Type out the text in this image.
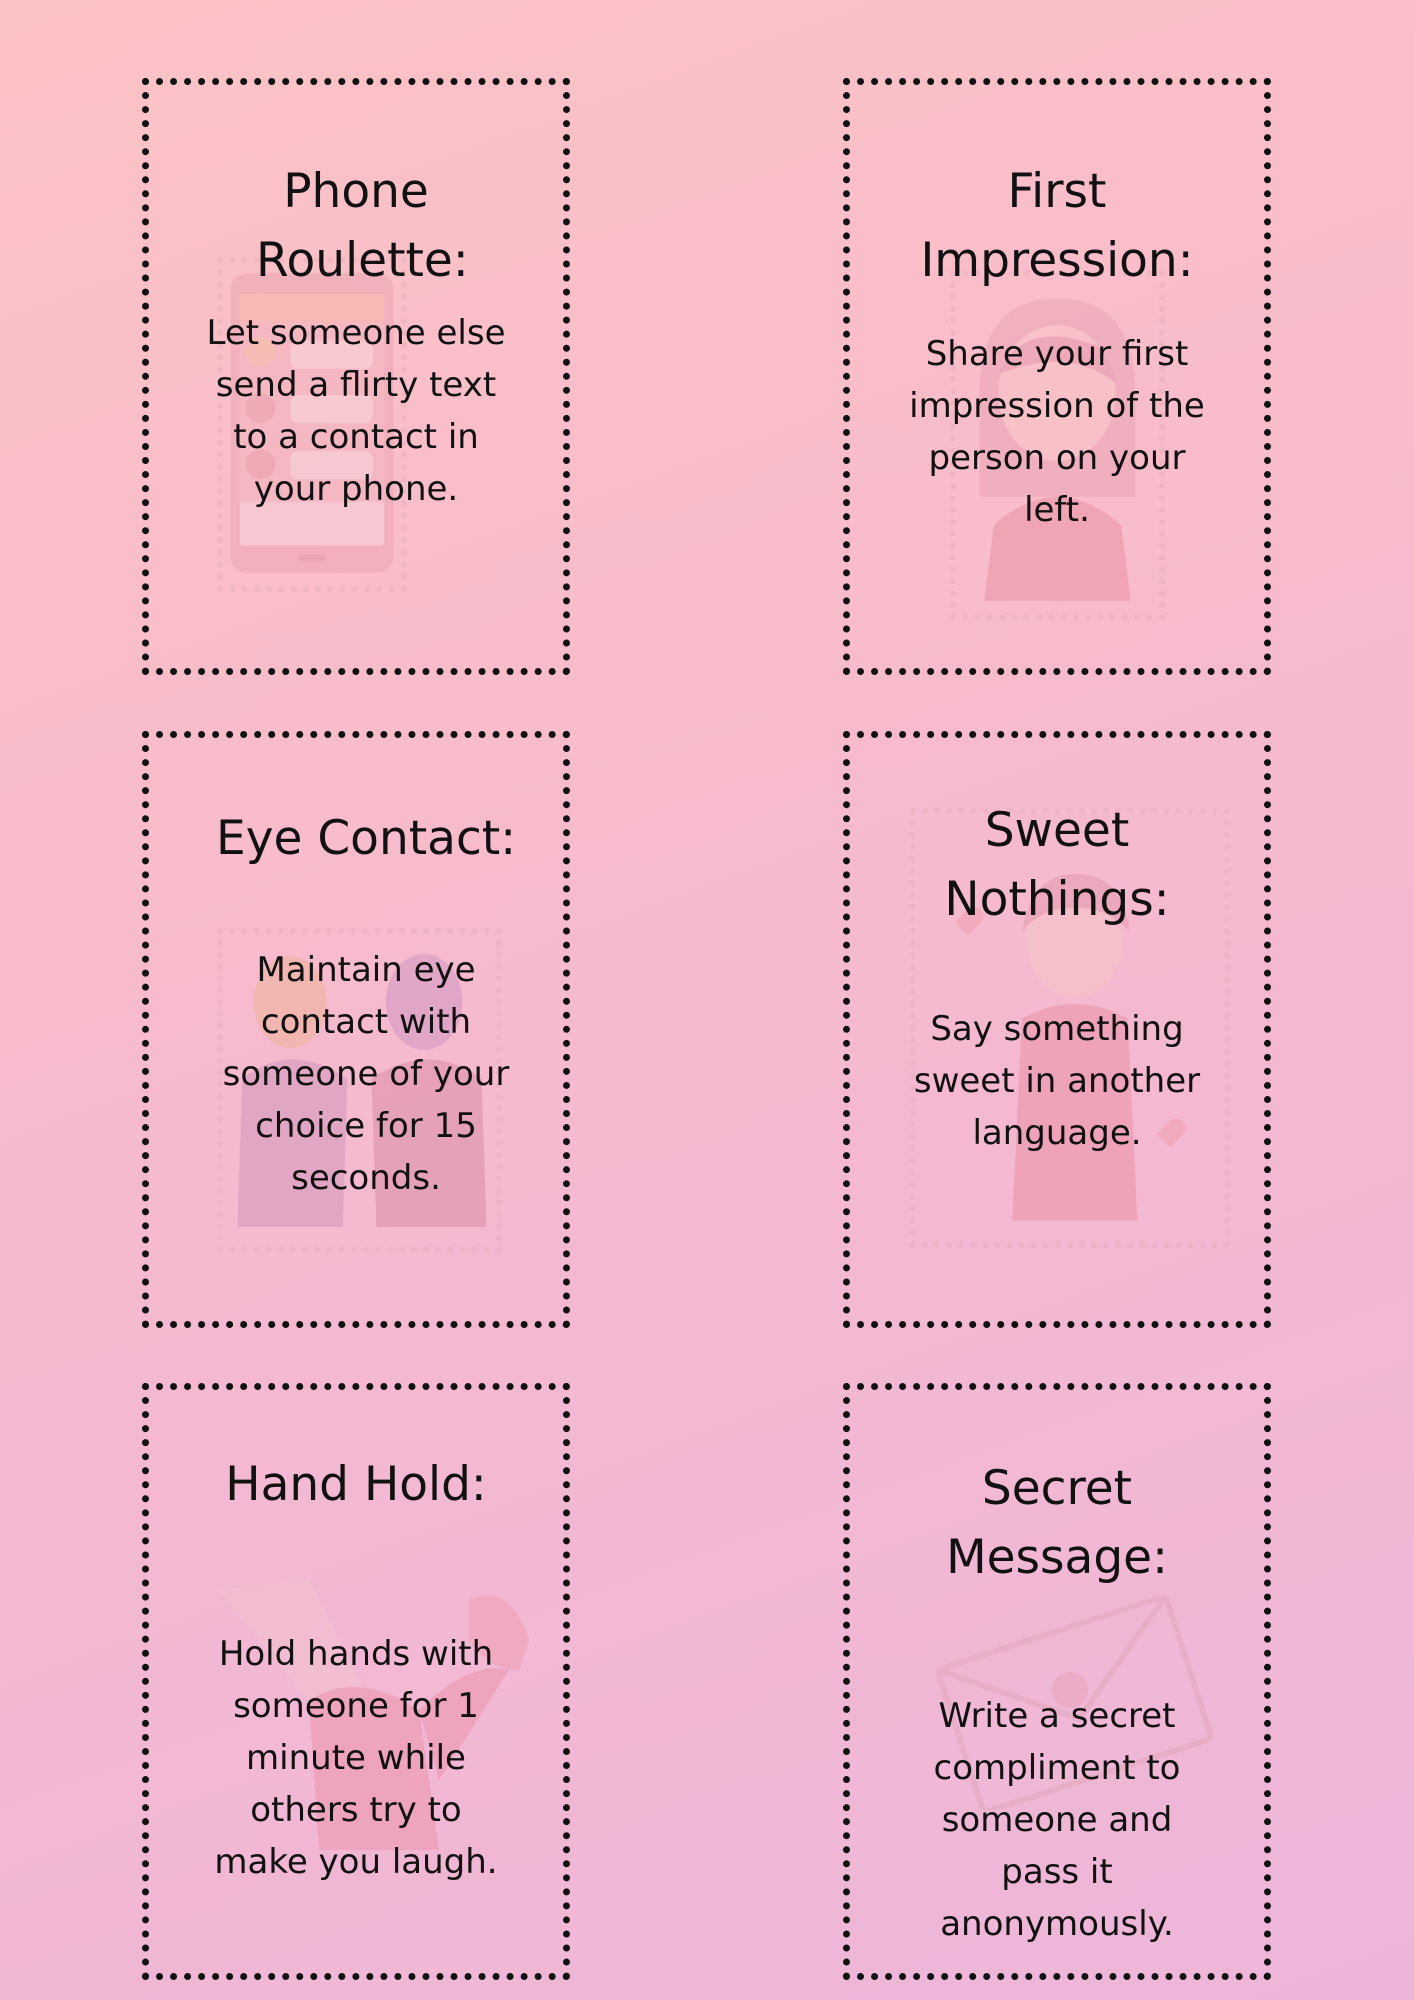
Phone Roulette:

Let someone else send a flirty text to a contact in your phone.

First Impression:

Share your first impression of the person on your left.

Eye Contact:

Maintain eye contact with someone of your choice for 15 seconds.

Sweet Nothings:

Say something sweet in another language.

Hand Hold:

Hold hands with someone for 1 minute while others try to make you laugh.

Secret Message:

Write a secret compliment to someone and pass it anonymously.
